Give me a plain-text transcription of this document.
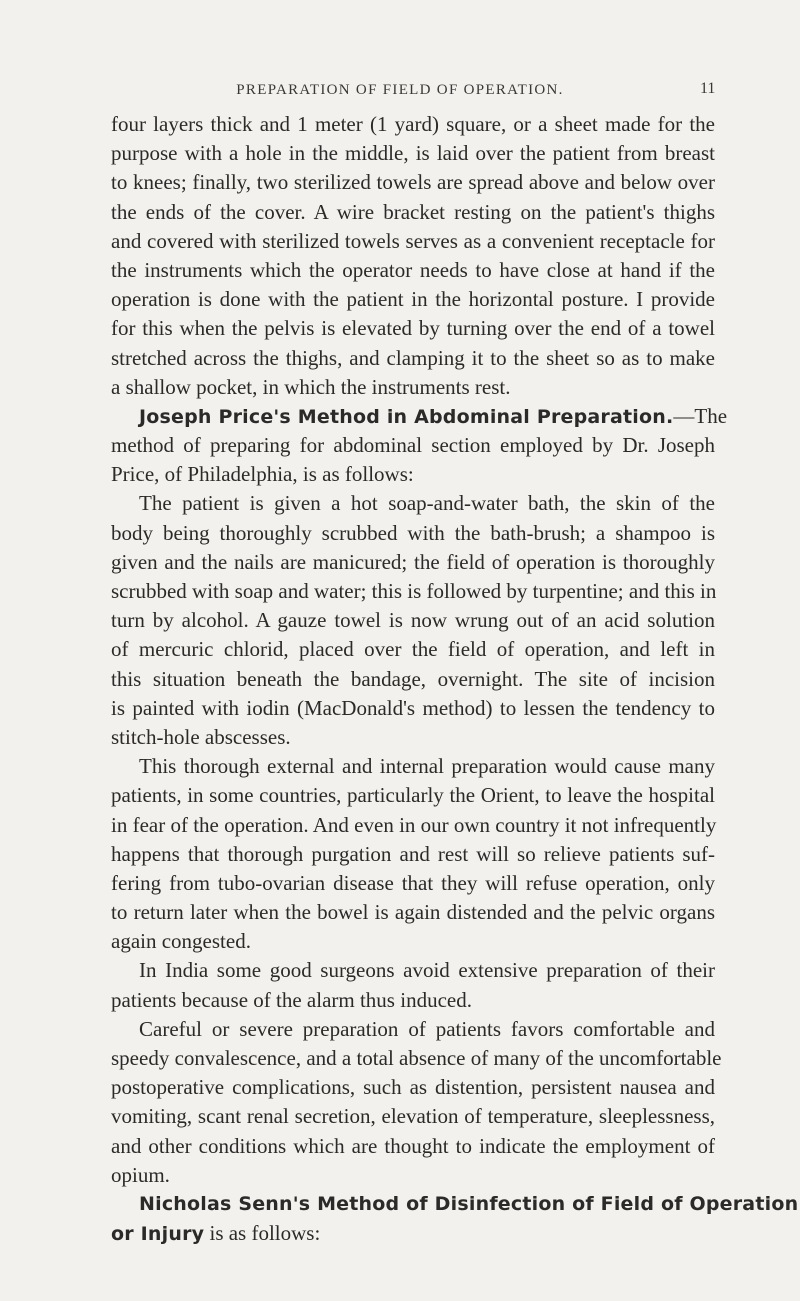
PREPARATION OF FIELD OF OPERATION.	11
four layers thick and 1 meter (1 yard) square, or a sheet made for the
purpose with a hole in the middle, is laid over the patient from breast
to knees; finally, two sterilized towels are spread above and below over
the ends of the cover. A wire bracket resting on the patient's thighs
and covered with sterilized towels serves as a convenient receptacle for
the instruments which the operator needs to have close at hand if the
operation is done with the patient in the horizontal posture. I provide
for this when the pelvis is elevated by turning over the end of a towel
stretched across the thighs, and clamping it to the sheet so as to make
a shallow pocket, in which the instruments rest.
Joseph Price's Method in Abdominal Preparation.—The
method of preparing for abdominal section employed by Dr. Joseph
Price, of Philadelphia, is as follows:
The patient is given a hot soap-and-water bath, the skin of the
body being thoroughly scrubbed with the bath-brush; a shampoo is
given and the nails are manicured; the field of operation is thoroughly
scrubbed with soap and water; this is followed by turpentine; and this in
turn by alcohol. A gauze towel is now wrung out of an acid solution
of mercuric chlorid, placed over the field of operation, and left in
this situation beneath the bandage, overnight. The site of incision
is painted with iodin (MacDonald's method) to lessen the tendency to
stitch-hole abscesses.
This thorough external and internal preparation would cause many
patients, in some countries, particularly the Orient, to leave the hospital
in fear of the operation. And even in our own country it not infrequently
happens that thorough purgation and rest will so relieve patients suf-
fering from tubo-ovarian disease that they will refuse operation, only
to return later when the bowel is again distended and the pelvic organs
again congested.
In India some good surgeons avoid extensive preparation of their
patients because of the alarm thus induced.
Careful or severe preparation of patients favors comfortable and
speedy convalescence, and a total absence of many of the uncomfortable
postoperative complications, such as distention, persistent nausea and
vomiting, scant renal secretion, elevation of temperature, sleeplessness,
and other conditions which are thought to indicate the employment of
opium.
Nicholas Senn's Method of Disinfection of Field of Operation
or Injury is as follows:
